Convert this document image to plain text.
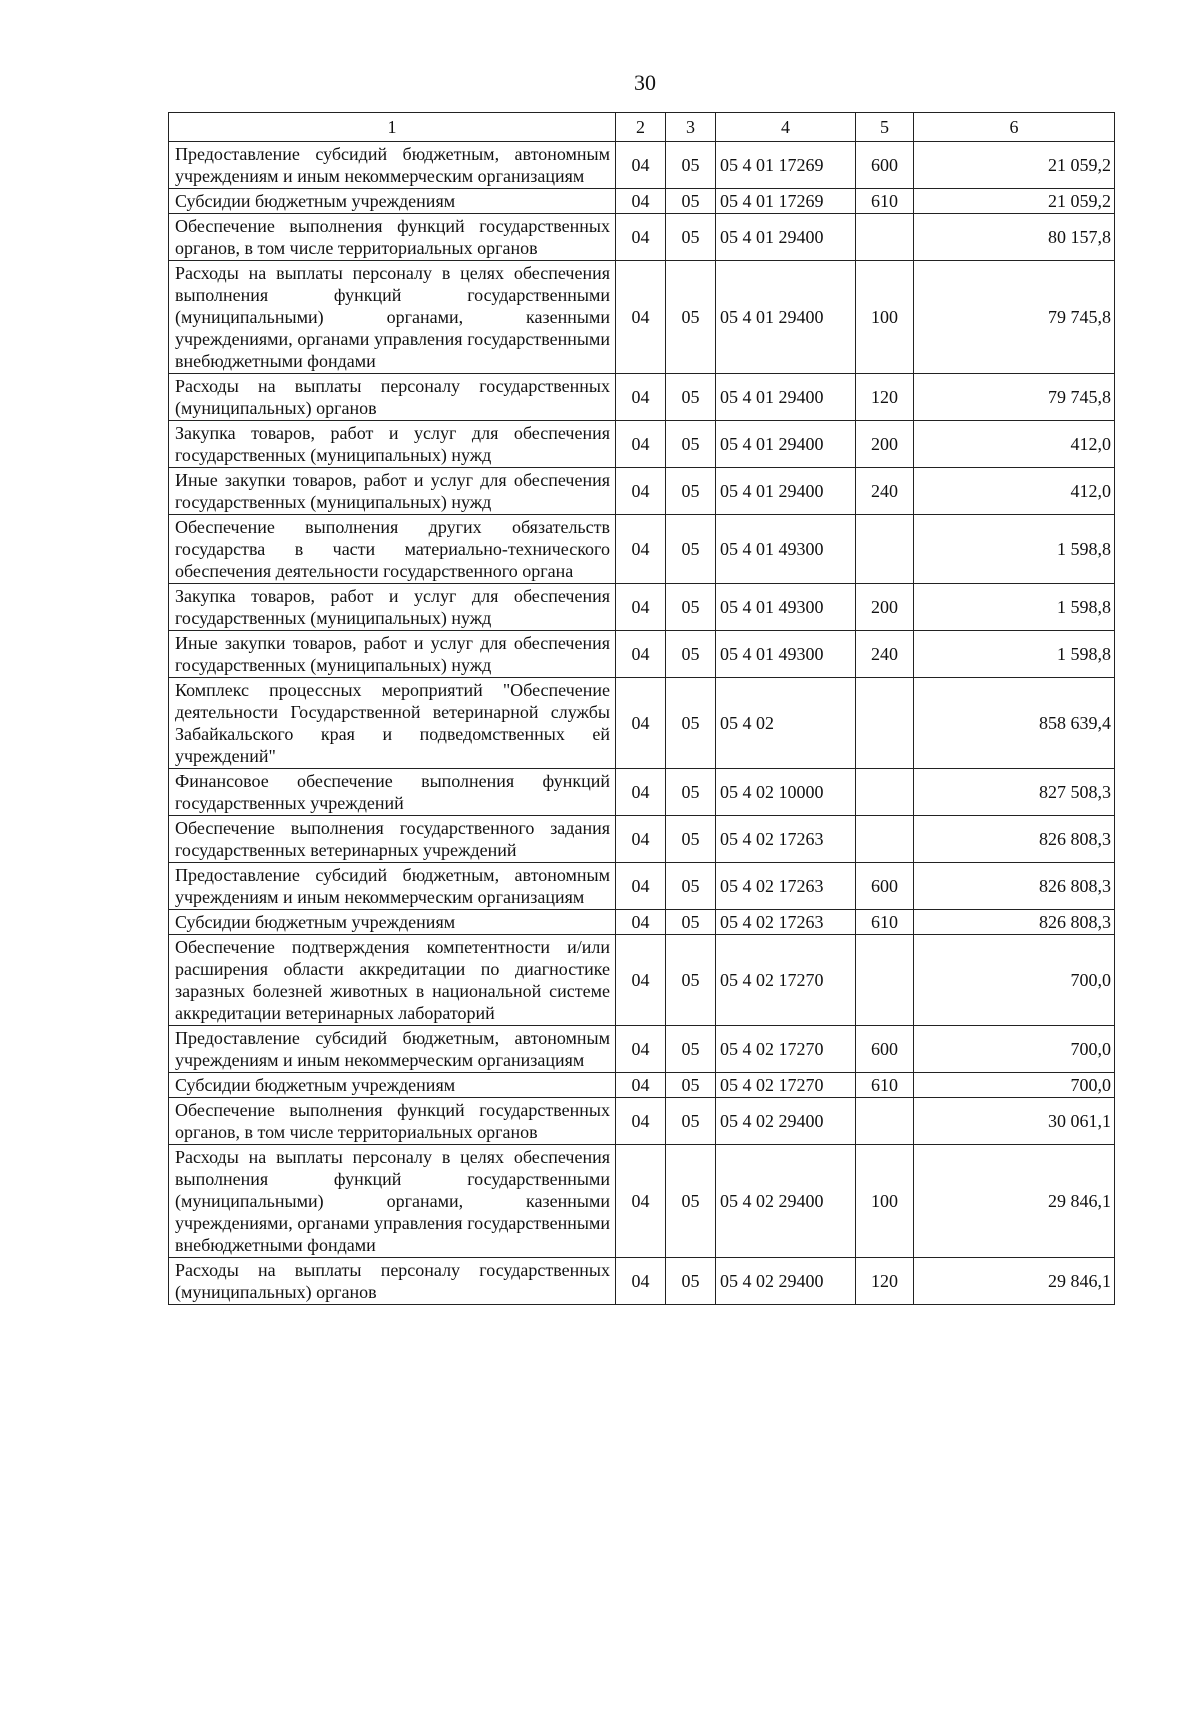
30
1	2	3	4	5	6
Предоставление субсидий бюджетным, автономным учреждениям и иным некоммерческим организациям	04	05	05 4 01 17269	600	21 059,2
Субсидии бюджетным учреждениям	04	05	05 4 01 17269	610	21 059,2
Обеспечение выполнения функций государственных органов, в том числе территориальных органов	04	05	05 4 01 29400		80 157,8
Расходы на выплаты персоналу в целях обеспечения выполнения функций государственными (муниципальными) органами, казенными учреждениями, органами управления государственными внебюджетными фондами	04	05	05 4 01 29400	100	79 745,8
Расходы на выплаты персоналу государственных (муниципальных) органов	04	05	05 4 01 29400	120	79 745,8
Закупка товаров, работ и услуг для обеспечения государственных (муниципальных) нужд	04	05	05 4 01 29400	200	412,0
Иные закупки товаров, работ и услуг для обеспечения государственных (муниципальных) нужд	04	05	05 4 01 29400	240	412,0
Обеспечение выполнения других обязательств государства в части материально-технического обеспечения деятельности государственного органа	04	05	05 4 01 49300		1 598,8
Закупка товаров, работ и услуг для обеспечения государственных (муниципальных) нужд	04	05	05 4 01 49300	200	1 598,8
Иные закупки товаров, работ и услуг для обеспечения государственных (муниципальных) нужд	04	05	05 4 01 49300	240	1 598,8
Комплекс процессных мероприятий "Обеспечение деятельности Государственной ветеринарной службы Забайкальского края и подведомственных ей учреждений"	04	05	05 4 02		858 639,4
Финансовое обеспечение выполнения функций государственных учреждений	04	05	05 4 02 10000		827 508,3
Обеспечение выполнения государственного задания государственных ветеринарных учреждений	04	05	05 4 02 17263		826 808,3
Предоставление субсидий бюджетным, автономным учреждениям и иным некоммерческим организациям	04	05	05 4 02 17263	600	826 808,3
Субсидии бюджетным учреждениям	04	05	05 4 02 17263	610	826 808,3
Обеспечение подтверждения компетентности и/или расширения области аккредитации по диагностике заразных болезней животных в национальной системе аккредитации ветеринарных лабораторий	04	05	05 4 02 17270		700,0
Предоставление субсидий бюджетным, автономным учреждениям и иным некоммерческим организациям	04	05	05 4 02 17270	600	700,0
Субсидии бюджетным учреждениям	04	05	05 4 02 17270	610	700,0
Обеспечение выполнения функций государственных органов, в том числе территориальных органов	04	05	05 4 02 29400		30 061,1
Расходы на выплаты персоналу в целях обеспечения выполнения функций государственными (муниципальными) органами, казенными учреждениями, органами управления государственными внебюджетными фондами	04	05	05 4 02 29400	100	29 846,1
Расходы на выплаты персоналу государственных (муниципальных) органов	04	05	05 4 02 29400	120	29 846,1
